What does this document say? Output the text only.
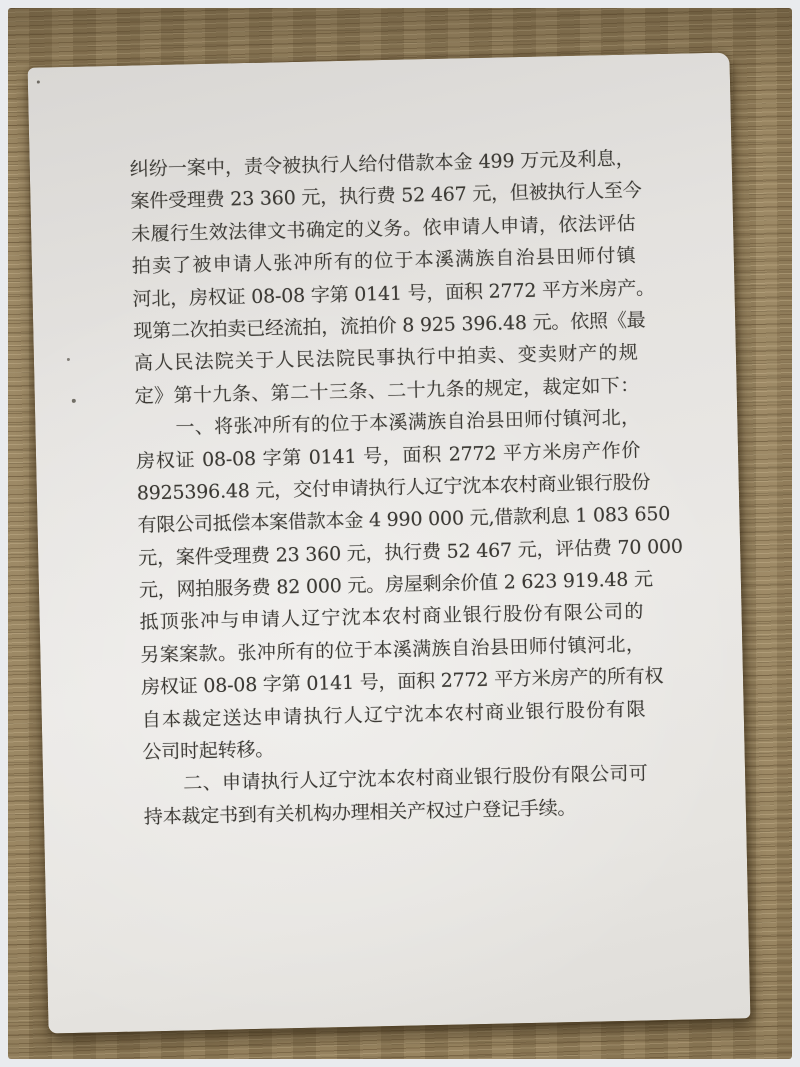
纠纷一案中，责令被执行人给付借款本金 499 万元及利息，
案件受理费 23 360 元，执行费 52 467 元，但被执行人至今
未履行生效法律文书确定的义务。依申请人申请，依法评估
拍卖了被申请人张冲所有的位于本溪满族自治县田师付镇
河北，房权证 08-08 字第 0141 号，面积 2772 平方米房产。
现第二次拍卖已经流拍，流拍价 8 925 396.48 元。依照《最
高人民法院关于人民法院民事执行中拍卖、变卖财产的规
定》第十九条、第二十三条、二十九条的规定，裁定如下：
一、将张冲所有的位于本溪满族自治县田师付镇河北，
房权证 08-08 字第 0141 号，面积 2772 平方米房产作价
8925396.48 元，交付申请执行人辽宁沈本农村商业银行股份
有限公司抵偿本案借款本金 4 990 000 元,借款利息 1 083 650
元，案件受理费 23 360 元，执行费 52 467 元，评估费 70 000
元，网拍服务费 82 000 元。房屋剩余价值 2 623 919.48 元
抵顶张冲与申请人辽宁沈本农村商业银行股份有限公司的
另案案款。张冲所有的位于本溪满族自治县田师付镇河北，
房权证 08-08 字第 0141 号，面积 2772 平方米房产的所有权
自本裁定送达申请执行人辽宁沈本农村商业银行股份有限
公司时起转移。
二、申请执行人辽宁沈本农村商业银行股份有限公司可
持本裁定书到有关机构办理相关产权过户登记手续。
